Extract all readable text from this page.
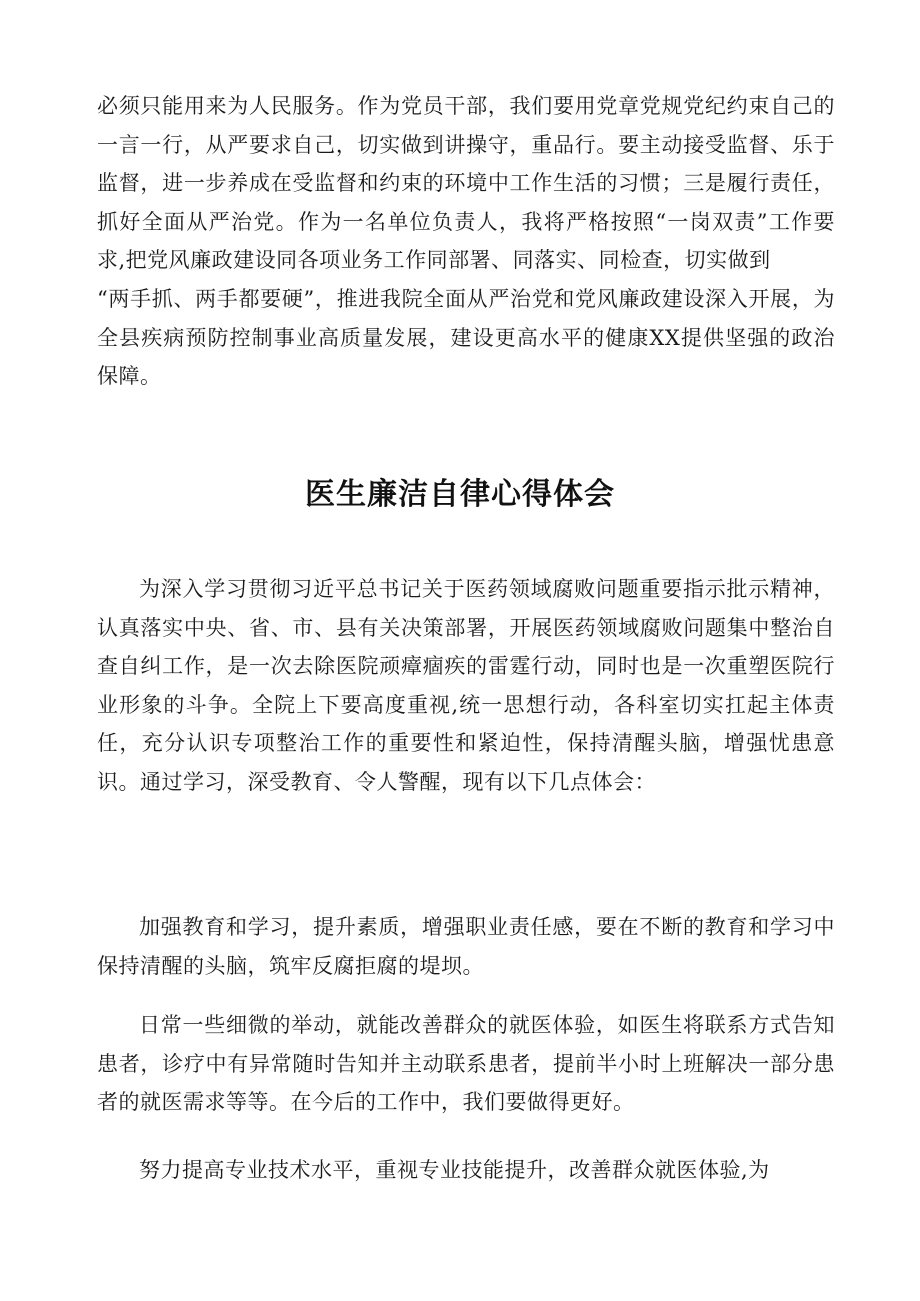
必须只能用来为人民服务。作为党员干部，我们要用党章党规党纪约束自己的一言一行，从严要求自己，切实做到讲操守，重品行。要主动接受监督、乐于监督，进一步养成在受监督和约束的环境中工作生活的习惯；三是履行责任，抓好全面从严治党。作为一名单位负责人，我将严格按照“一岗双责”工作要求,把党风廉政建设同各项业务工作同部署、同落实、同检查，切实做到

“两手抓、两手都要硬”，推进我院全面从严治党和党风廉政建设深入开展，为全县疾病预防控制事业高质量发展，建设更高水平的健康XX提供坚强的政治保障。

医生廉洁自律心得体会

为深入学习贯彻习近平总书记关于医药领域腐败问题重要指示批示精神，认真落实中央、省、市、县有关决策部署，开展医药领域腐败问题集中整治自查自纠工作，是一次去除医院顽瘴痼疾的雷霆行动，同时也是一次重塑医院行业形象的斗争。全院上下要高度重视,统一思想行动，各科室切实扛起主体责任，充分认识专项整治工作的重要性和紧迫性，保持清醒头脑，增强忧患意识。通过学习，深受教育、令人警醒，现有以下几点体会：

加强教育和学习，提升素质，增强职业责任感，要在不断的教育和学习中保持清醒的头脑，筑牢反腐拒腐的堤坝。

日常一些细微的举动，就能改善群众的就医体验，如医生将联系方式告知患者，诊疗中有异常随时告知并主动联系患者，提前半小时上班解决一部分患者的就医需求等等。在今后的工作中，我们要做得更好。

努力提高专业技术水平，重视专业技能提升，改善群众就医体验,为
